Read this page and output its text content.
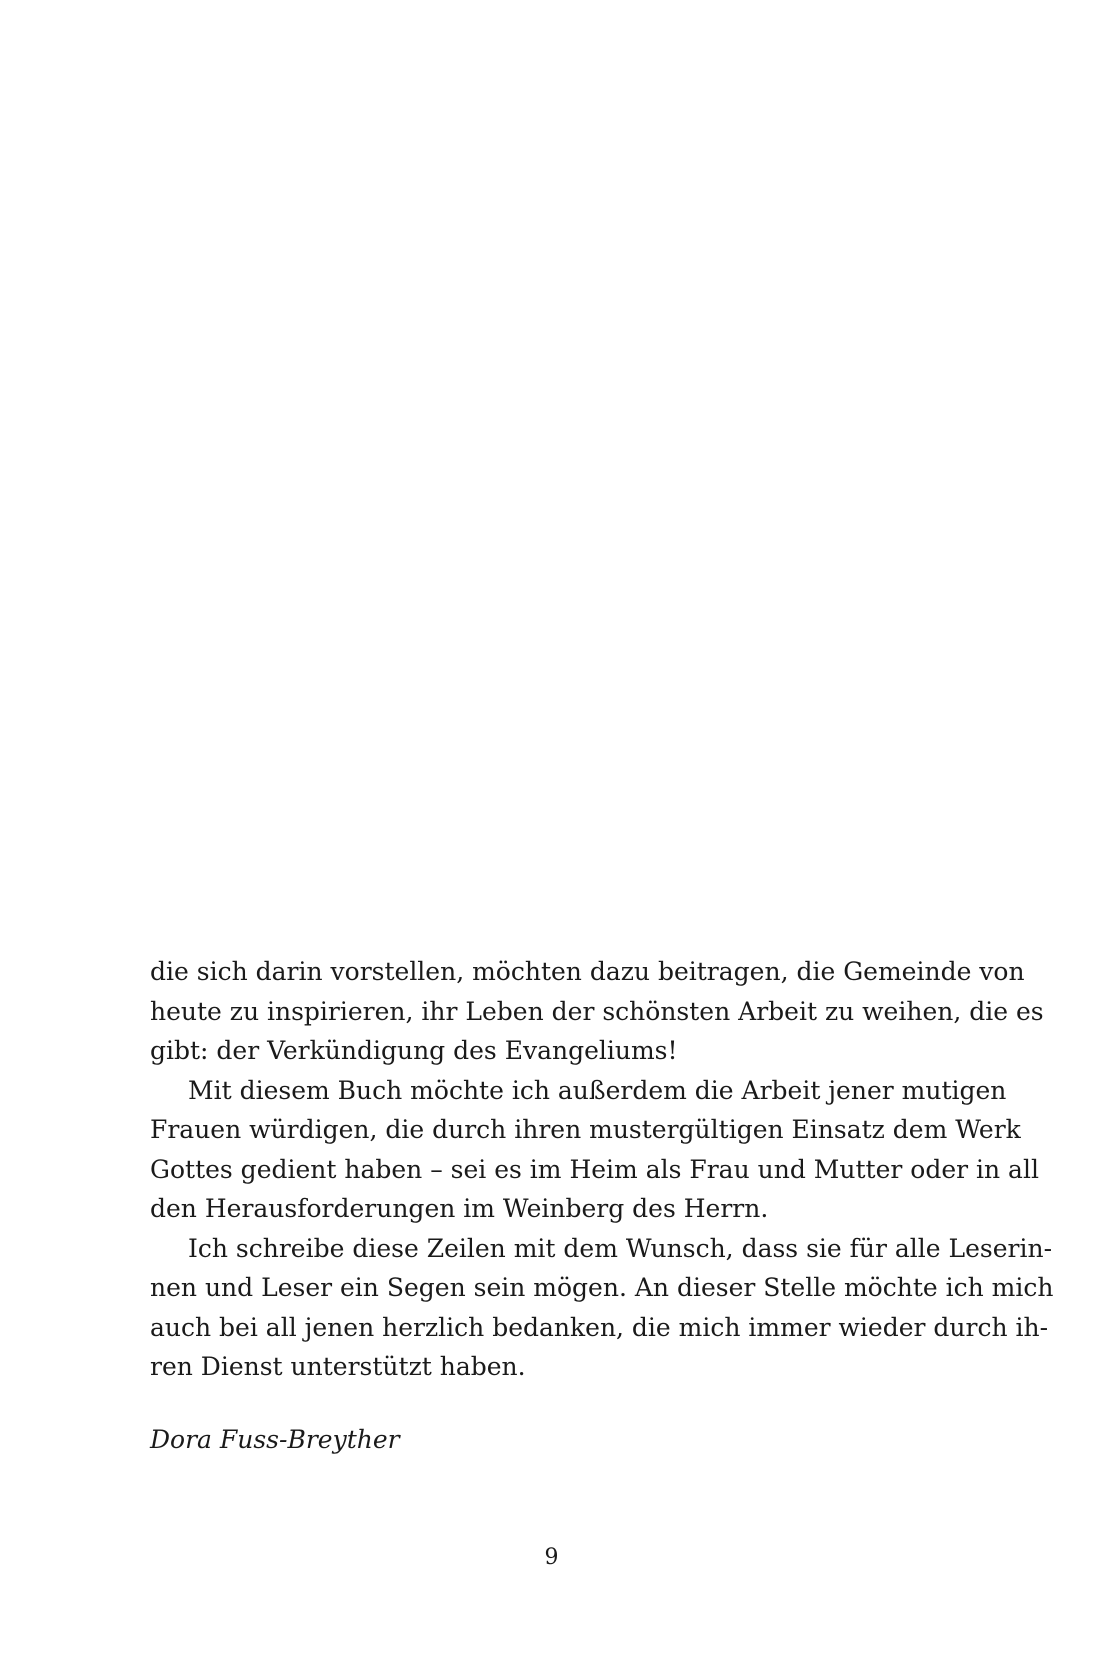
die sich darin vorstellen, möchten dazu beitragen, die Gemeinde von
heute zu inspirieren, ihr Leben der schönsten Arbeit zu weihen, die es
gibt: der Verkündigung des Evangeliums!
Mit diesem Buch möchte ich außerdem die Arbeit jener mutigen
Frauen würdigen, die durch ihren mustergültigen Einsatz dem Werk
Gottes gedient haben – sei es im Heim als Frau und Mutter oder in all
den Herausforderungen im Weinberg des Herrn.
Ich schreibe diese Zeilen mit dem Wunsch, dass sie für alle Leserin-
nen und Leser ein Segen sein mögen. An dieser Stelle möchte ich mich
auch bei all jenen herzlich bedanken, die mich immer wieder durch ih-
ren Dienst unterstützt haben.
Dora Fuss-Breyther
9
